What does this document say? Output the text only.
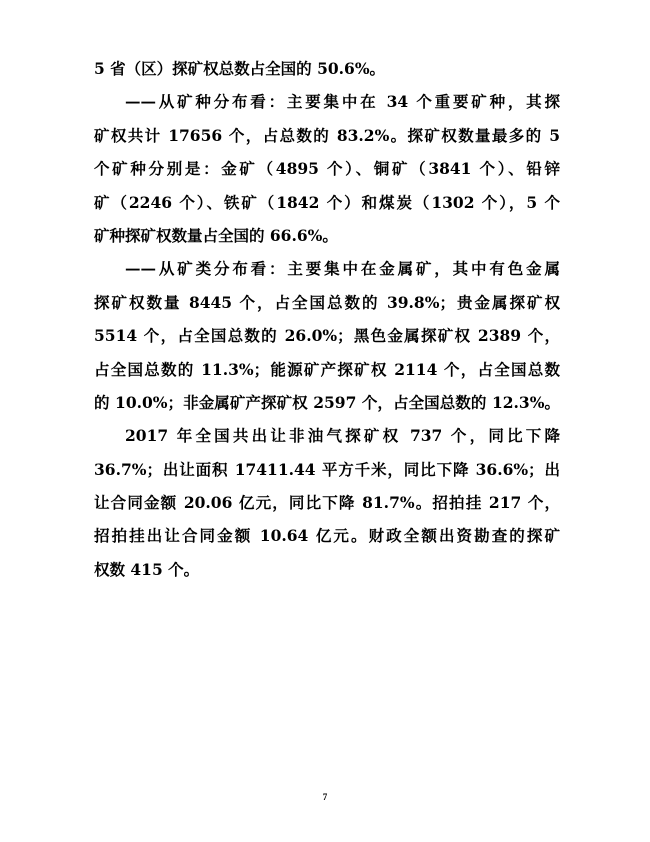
5 省（区）探矿权总数占全国的 50.6%。
——从矿种分布看：主要集中在 34 个重要矿种，其探
矿权共计 17656 个，占总数的 83.2%。探矿权数量最多的 5
个矿种分别是：金矿（4895 个）、铜矿（3841 个）、铅锌
矿（2246 个）、铁矿（1842 个）和煤炭（1302 个），5 个
矿种探矿权数量占全国的 66.6%。
——从矿类分布看：主要集中在金属矿，其中有色金属
探矿权数量 8445 个，占全国总数的 39.8%；贵金属探矿权
5514 个，占全国总数的 26.0%；黑色金属探矿权 2389 个，
占全国总数的 11.3%；能源矿产探矿权 2114 个，占全国总数
的 10.0%；非金属矿产探矿权 2597 个，占全国总数的 12.3%。
2017 年全国共出让非油气探矿权 737 个，同比下降
36.7%；出让面积 17411.44 平方千米，同比下降 36.6%；出
让合同金额 20.06 亿元，同比下降 81.7%。招拍挂 217 个，
招拍挂出让合同金额 10.64 亿元。财政全额出资勘查的探矿
权数 415 个。
7
